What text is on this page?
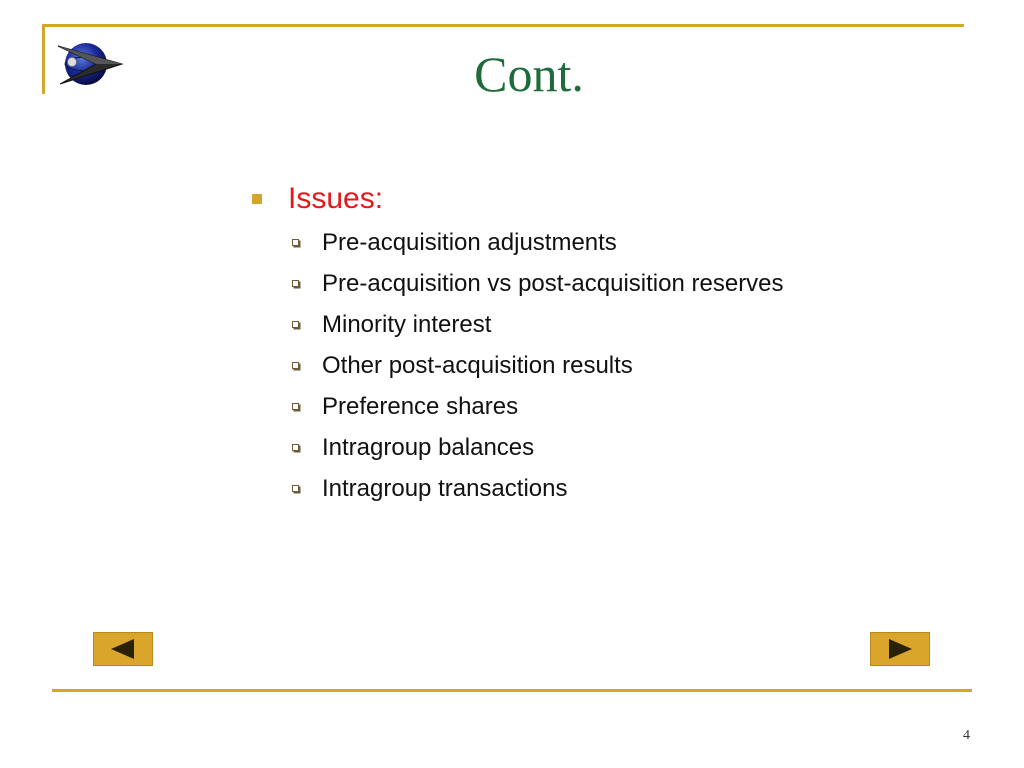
Cont.
Issues:
Pre-acquisition adjustments
Pre-acquisition vs post-acquisition reserves
Minority interest
Other post-acquisition results
Preference shares
Intragroup balances
Intragroup transactions
4
